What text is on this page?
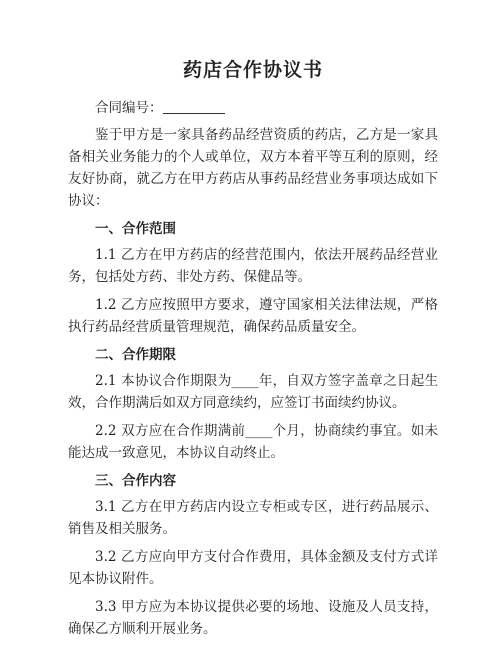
药店合作协议书

合同编号：

鉴于甲方是一家具备药品经营资质的药店，乙方是一家具备相关业务能力的个人或单位，双方本着平等互利的原则，经友好协商，就乙方在甲方药店从事药品经营业务事项达成如下协议：

一、合作范围

1.1 乙方在甲方药店的经营范围内，依法开展药品经营业务，包括处方药、非处方药、保健品等。

1.2 乙方应按照甲方要求，遵守国家相关法律法规，严格执行药品经营质量管理规范，确保药品质量安全。

二、合作期限

2.1 本协议合作期限为____年，自双方签字盖章之日起生效，合作期满后如双方同意续约，应签订书面续约协议。

2.2 双方应在合作期满前____个月，协商续约事宜。如未能达成一致意见，本协议自动终止。

三、合作内容

3.1 乙方在甲方药店内设立专柜或专区，进行药品展示、销售及相关服务。

3.2 乙方应向甲方支付合作费用，具体金额及支付方式详见本协议附件。

3.3 甲方应为本协议提供必要的场地、设施及人员支持，确保乙方顺利开展业务。
